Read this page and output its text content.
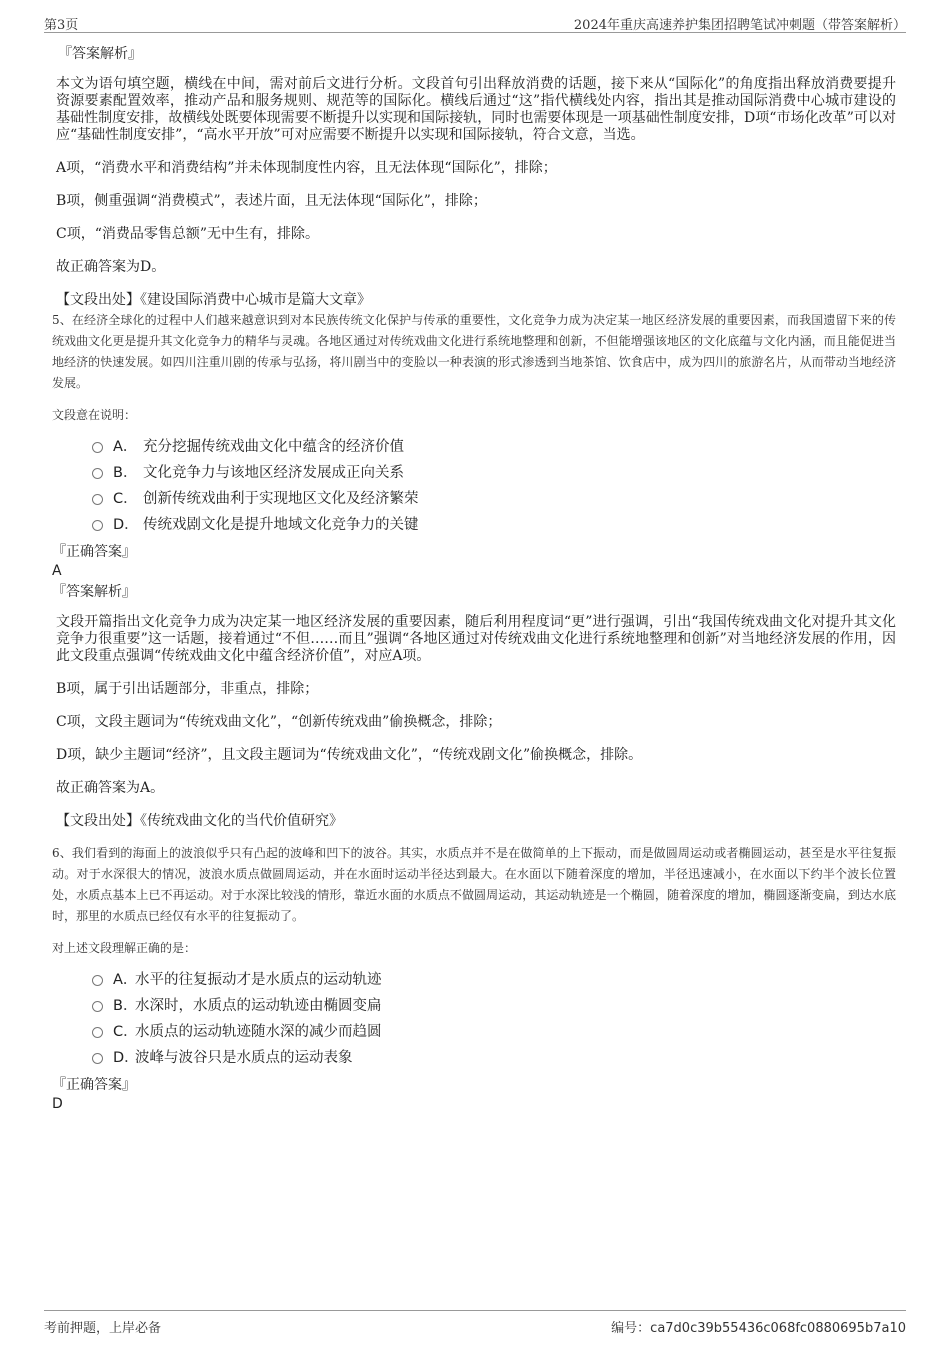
第3页	2024年重庆高速养护集团招聘笔试冲刺题（带答案解析）
『答案解析』

本文为语句填空题，横线在中间，需对前后文进行分析。文段首句引出释放消费的话题，接下来从“国际化”的角度指出释放消费要提升资源要素配置效率，推动产品和服务规则、规范等的国际化。横线后通过“这”指代横线处内容，指出其是推动国际消费中心城市建设的基础性制度安排，故横线处既要体现需要不断提升以实现和国际接轨，同时也需要体现是一项基础性制度安排，D项“市场化改革”可以对应“基础性制度安排”，“高水平开放”可对应需要不断提升以实现和国际接轨，符合文意，当选。

A项，“消费水平和消费结构”并未体现制度性内容，且无法体现“国际化”，排除；

B项，侧重强调“消费模式”，表述片面，且无法体现“国际化”，排除；

C项，“消费品零售总额”无中生有，排除。

故正确答案为D。

【文段出处】《建设国际消费中心城市是篇大文章》

5、在经济全球化的过程中人们越来越意识到对本民族传统文化保护与传承的重要性，文化竞争力成为决定某一地区经济发展的重要因素，而我国遗留下来的传统戏曲文化更是提升其文化竞争力的精华与灵魂。各地区通过对传统戏曲文化进行系统地整理和创新，不但能增强该地区的文化底蕴与文化内涵，而且能促进当地经济的快速发展。如四川注重川剧的传承与弘扬，将川剧当中的变脸以一种表演的形式渗透到当地茶馆、饮食店中，成为四川的旅游名片，从而带动当地经济发展。

文段意在说明：
A． 充分挖掘传统戏曲文化中蕴含的经济价值
B． 文化竞争力与该地区经济发展成正向关系
C． 创新传统戏曲利于实现地区文化及经济繁荣
D． 传统戏剧文化是提升地域文化竞争力的关键
『正确答案』
A
『答案解析』

文段开篇指出文化竞争力成为决定某一地区经济发展的重要因素，随后利用程度词“更”进行强调，引出“我国传统戏曲文化对提升其文化竞争力很重要”这一话题，接着通过“不但……而且”强调“各地区通过对传统戏曲文化进行系统地整理和创新”对当地经济发展的作用，因此文段重点强调“传统戏曲文化中蕴含经济价值”，对应A项。

B项，属于引出话题部分，非重点，排除；

C项，文段主题词为“传统戏曲文化”，“创新传统戏曲”偷换概念，排除；

D项，缺少主题词“经济”，且文段主题词为“传统戏曲文化”，“传统戏剧文化”偷换概念，排除。

故正确答案为A。

【文段出处】《传统戏曲文化的当代价值研究》

6、我们看到的海面上的波浪似乎只有凸起的波峰和凹下的波谷。其实，水质点并不是在做简单的上下振动，而是做圆周运动或者椭圆运动，甚至是水平往复振动。对于水深很大的情况，波浪水质点做圆周运动，并在水面时运动半径达到最大。在水面以下随着深度的增加，半径迅速减小，在水面以下约半个波长位置处，水质点基本上已不再运动。对于水深比较浅的情形，靠近水面的水质点不做圆周运动，其运动轨迹是一个椭圆，随着深度的增加，椭圆逐渐变扁，到达水底时，那里的水质点已经仅有水平的往复振动了。

对上述文段理解正确的是：
A．
水平的往复振动才是水质点的运动轨迹
B．
水深时，水质点的运动轨迹由椭圆变扁
C．
水质点的运动轨迹随水深的减少而趋圆
D．
波峰与波谷只是水质点的运动表象
『正确答案』
D
考前押题，上岸必备	编号：ca7d0c39b55436c068fc0880695b7a10
